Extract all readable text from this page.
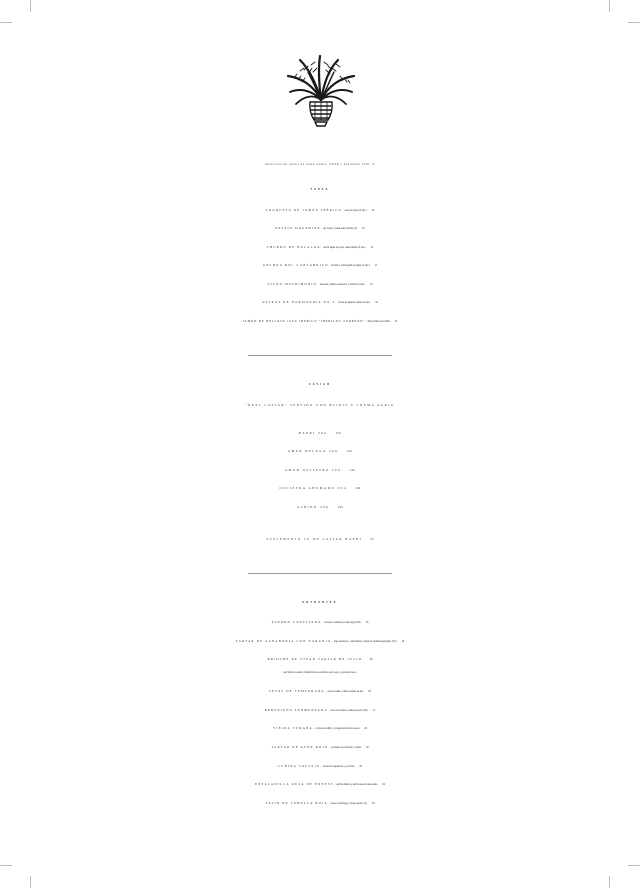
Selección de panes de masa madre, AOVE y aceitunas (VG) 6
TAPAS
CROQUETA DE JAMÓN IBÉRICO. velo de tocino (4 uds.) 14
PATATA DAUPHINE. ajo negro y salsa brava (4uds) (V) 10
CHURRO DE BACALAO. sal de algas peri-peri, salsa tártara (4 uds.) 14
ANCHOA DEL CANTÁBRICO. brioche y mantequilla de algas (4 uds.) 17
GILDA MATRIMONIO. aceituna, piparra, boquerón y anchoa (4 uds.) 14
OSTRAS DE NORMANDÍA NO.3. crema de piparra, caviar (4 uds.) 34
JAMÓN DE BELLOTA 100% IBÉRICO "IBÉRICOS TORREÓN". 80g cortado al cuchillo 41
CAVIAR
"REAL CAVIAR" SERVIDO CON BLINIS Y CREMA AGRIA
BAERI 30G	125
AMUR BELUGA 30G	145
AMUR OSCIETRA 30G	145
OSCIETRA AHUMADO 30G	190
ALBINO 30G	245
SUPLEMENTO 5G DE CAVIAR BAERI	20
ENTRANTES
PUERRO CONFITADO. romesco, avellana y trufa negra (VG) 18
TARTAR DE ZANAHORIA CON NARANJA. trigo sarraceno, capuchinas y salsa de zanahoria-jengibre (VG) 16
BRIOCHE DE STEAK TARTAR DE JULIO.	29
pan brioche tostado, champiñones encurtidos, ajo negro y yema de huevo
SETAS DE TEMPORADA. yema curada y caldo tostado de ave 20
BERENJENA FERMENTADA. puré de boniato y salsa peri-peri (VG) 17
VIEIRA CURADA. crema de coliflor y vinagreta de frutos secos 23
TARTAR DE ATÚN ROJO. emulsión de pimentón y caviar 33
LUBINA SALVAJE. consomé vegetal frío y uva tinta 25
ENSALADILLA RUSA DE ERNEST. gamba blanca y alioli suave de ajo asado 29
TATÍN DE CEBOLLA ROJA. queso manchego y brotes ácidos (V) 18
